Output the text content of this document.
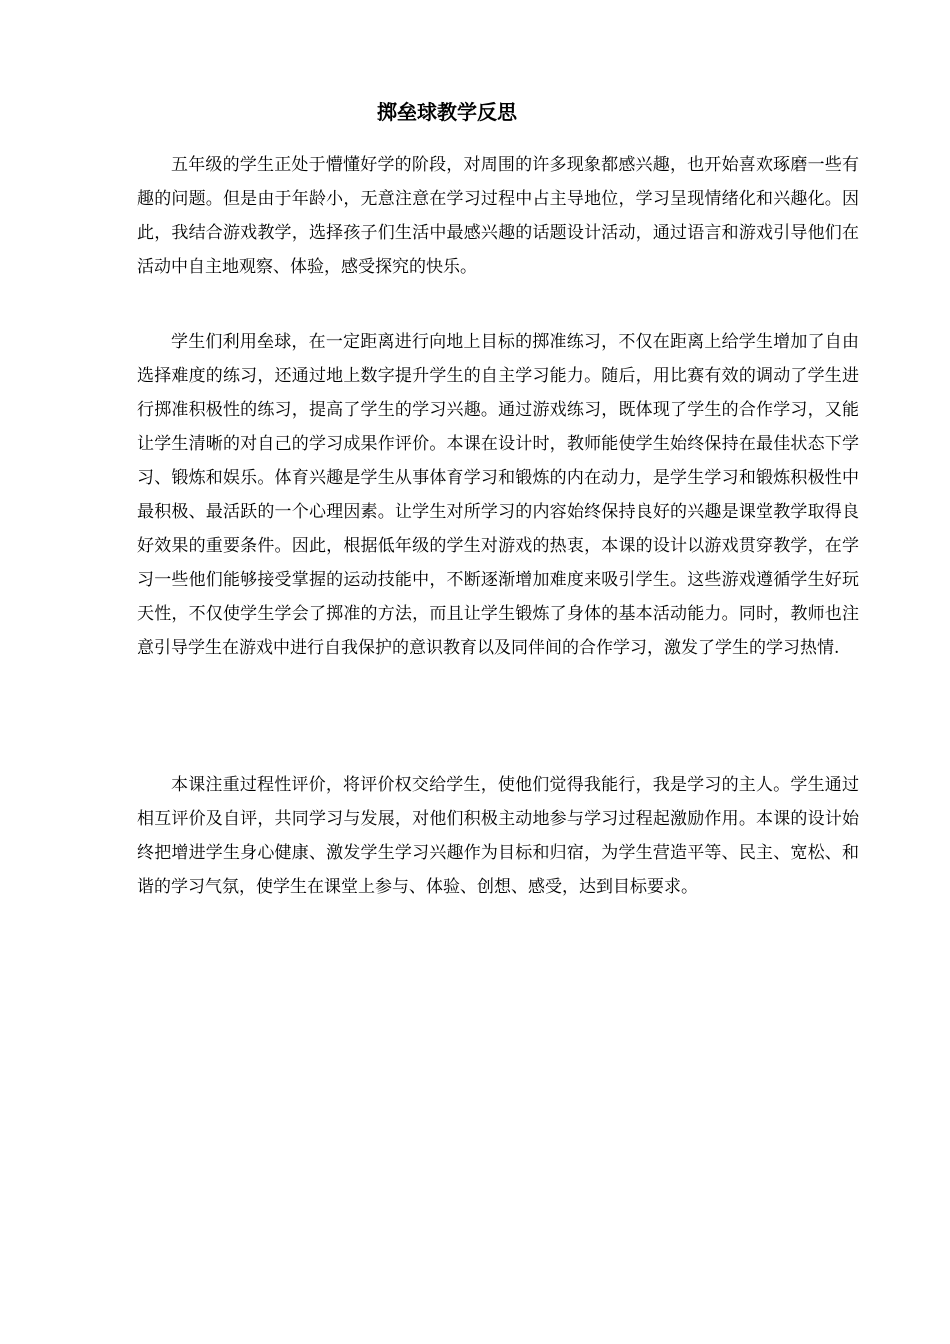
掷垒球教学反思

五年级的学生正处于懵懂好学的阶段，对周围的许多现象都感兴趣，也开始喜欢琢磨一些有趣的问题。但是由于年龄小，无意注意在学习过程中占主导地位，学习呈现情绪化和兴趣化。因此，我结合游戏教学，选择孩子们生活中最感兴趣的话题设计活动，通过语言和游戏引导他们在活动中自主地观察、体验，感受探究的快乐。

学生们利用垒球，在一定距离进行向地上目标的掷准练习，不仅在距离上给学生增加了自由选择难度的练习，还通过地上数字提升学生的自主学习能力。随后，用比赛有效的调动了学生进行掷准积极性的练习，提高了学生的学习兴趣。通过游戏练习，既体现了学生的合作学习，又能让学生清晰的对自己的学习成果作评价。本课在设计时，教师能使学生始终保持在最佳状态下学习、锻炼和娱乐。体育兴趣是学生从事体育学习和锻炼的内在动力，是学生学习和锻炼积极性中最积极、最活跃的一个心理因素。让学生对所学习的内容始终保持良好的兴趣是课堂教学取得良好效果的重要条件。因此，根据低年级的学生对游戏的热衷，本课的设计以游戏贯穿教学，在学习一些他们能够接受掌握的运动技能中，不断逐渐增加难度来吸引学生。这些游戏遵循学生好玩天性，不仅使学生学会了掷准的方法，而且让学生锻炼了身体的基本活动能力。同时，教师也注意引导学生在游戏中进行自我保护的意识教育以及同伴间的合作学习，激发了学生的学习热情.

本课注重过程性评价，将评价权交给学生，使他们觉得我能行，我是学习的主人。学生通过相互评价及自评，共同学习与发展，对他们积极主动地参与学习过程起激励作用。本课的设计始终把增进学生身心健康、激发学生学习兴趣作为目标和归宿，为学生营造平等、民主、宽松、和谐的学习气氛，使学生在课堂上参与、体验、创想、感受，达到目标要求。
